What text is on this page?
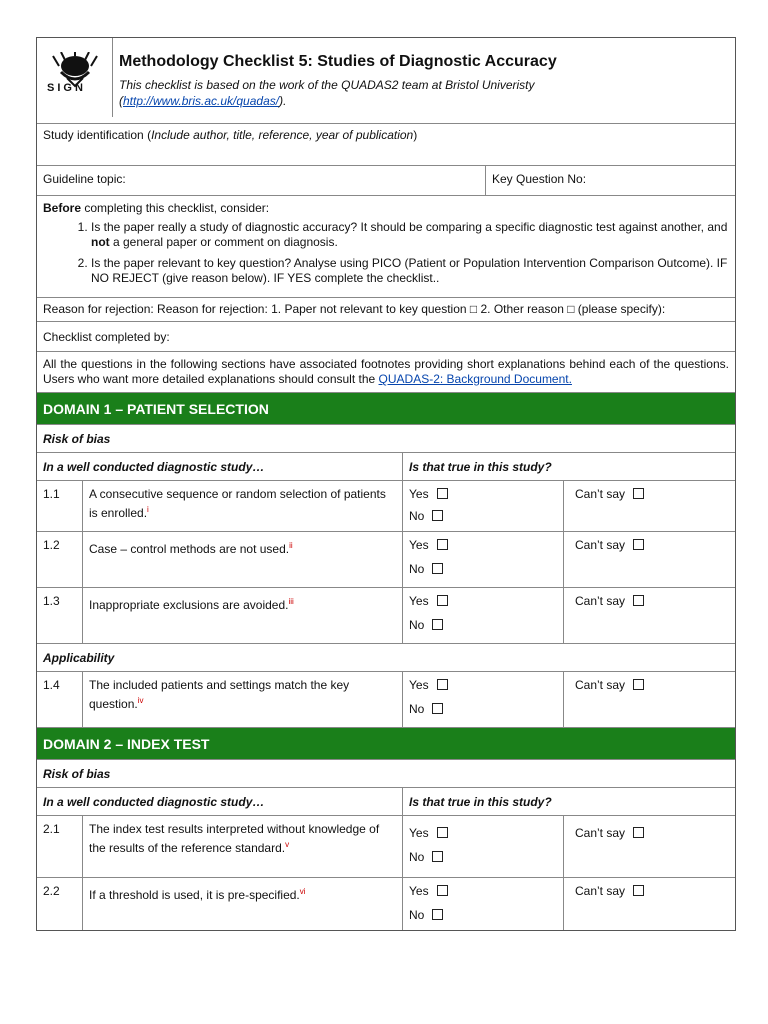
SIGN
Methodology Checklist 5: Studies of Diagnostic Accuracy
This checklist is based on the work of the QUADAS2 team at Bristol Univeristy
(http://www.bris.ac.uk/quadas/).
Study identification (Include author, title, reference, year of publication)
Guideline topic:	Key Question No:
Before completing this checklist, consider:
1. Is the paper really a study of diagnostic accuracy? It should be comparing a specific diagnostic test against another, and not a general paper or comment on diagnosis.
2. Is the paper relevant to key question? Analyse using PICO (Patient or Population Intervention Comparison Outcome). IF NO REJECT (give reason below). IF YES complete the checklist..
Reason for rejection: Reason for rejection: 1. Paper not relevant to key question □ 2. Other reason □ (please specify):
Checklist completed by:
All the questions in the following sections have associated footnotes providing short explanations behind each of the questions. Users who want more detailed explanations should consult the QUADAS-2: Background Document.
DOMAIN 1 – PATIENT SELECTION
Risk of bias
In a well conducted diagnostic study…	Is that true in this study?
1.1	A consecutive sequence or random selection of patients is enrolled.$^i$
Yes
No
Can’t say
1.2	Case – control methods are not used.$^{ii}$	Yes
No
Can’t say
1.3	Inappropriate exclusions are avoided.$^{iii}$	Yes
No
Can’t say
Applicability
1.4	The included patients and settings match the key question.$^{iv}$
Yes
No
Can’t say
DOMAIN 2 – INDEX TEST
Risk of bias
In a well conducted diagnostic study…	Is that true in this study?
2.1	The index test results interpreted without knowledge of the results of the reference standard.$^v$
Yes
No
Can’t say
2.2	If a threshold is used, it is pre-specified.$^{vi}$	Yes
No
Can’t say
